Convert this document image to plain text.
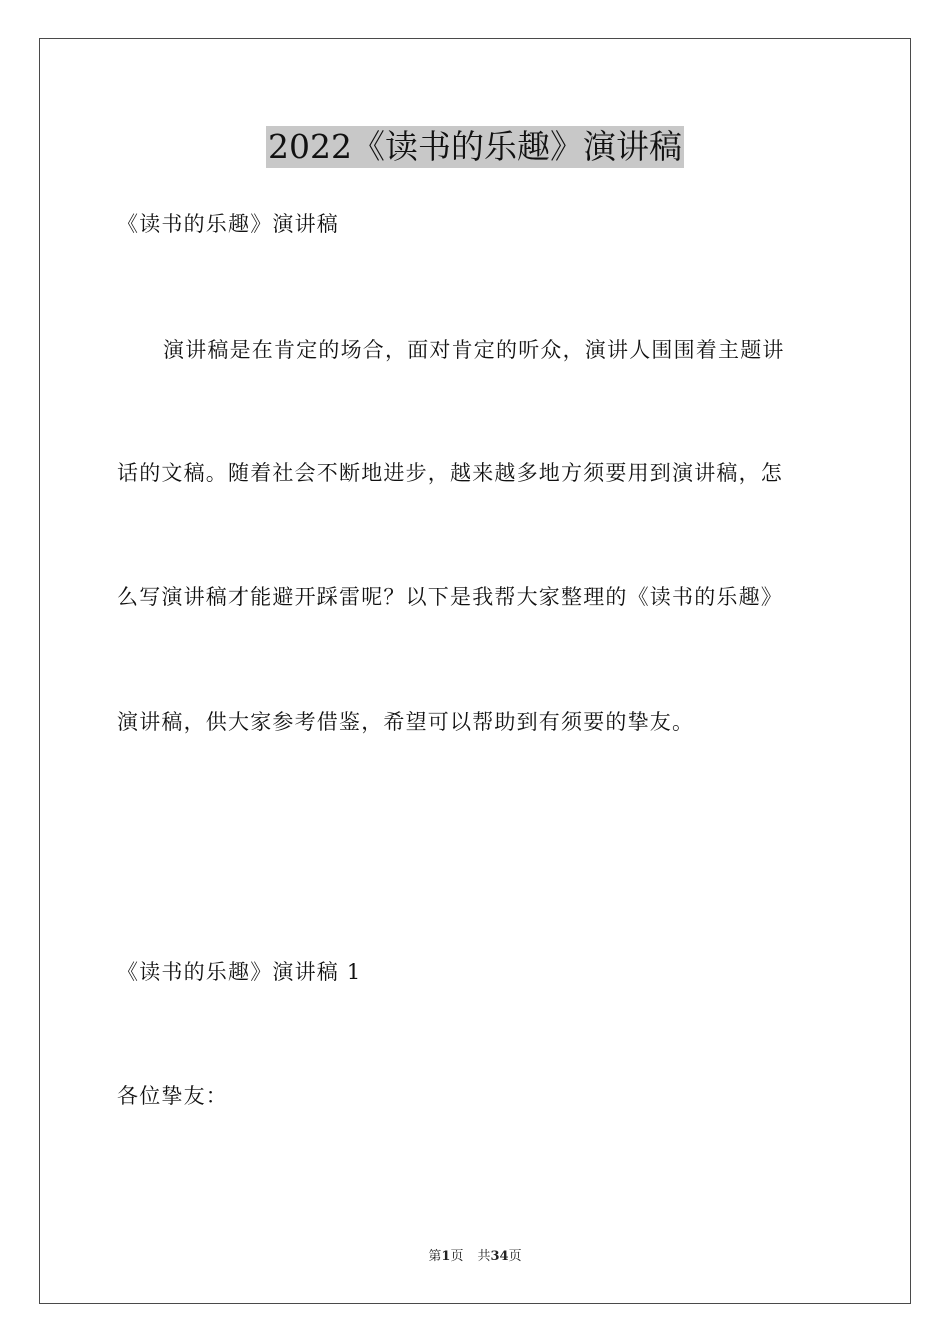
2022《读书的乐趣》演讲稿
《读书的乐趣》演讲稿
演讲稿是在肯定的场合，面对肯定的听众，演讲人围围着主题讲
话的文稿。随着社会不断地进步，越来越多地方须要用到演讲稿，怎
么写演讲稿才能避开踩雷呢？以下是我帮大家整理的《读书的乐趣》
演讲稿，供大家参考借鉴，希望可以帮助到有须要的挚友。
《读书的乐趣》演讲稿 1
各位挚友：
第1页 共34页
